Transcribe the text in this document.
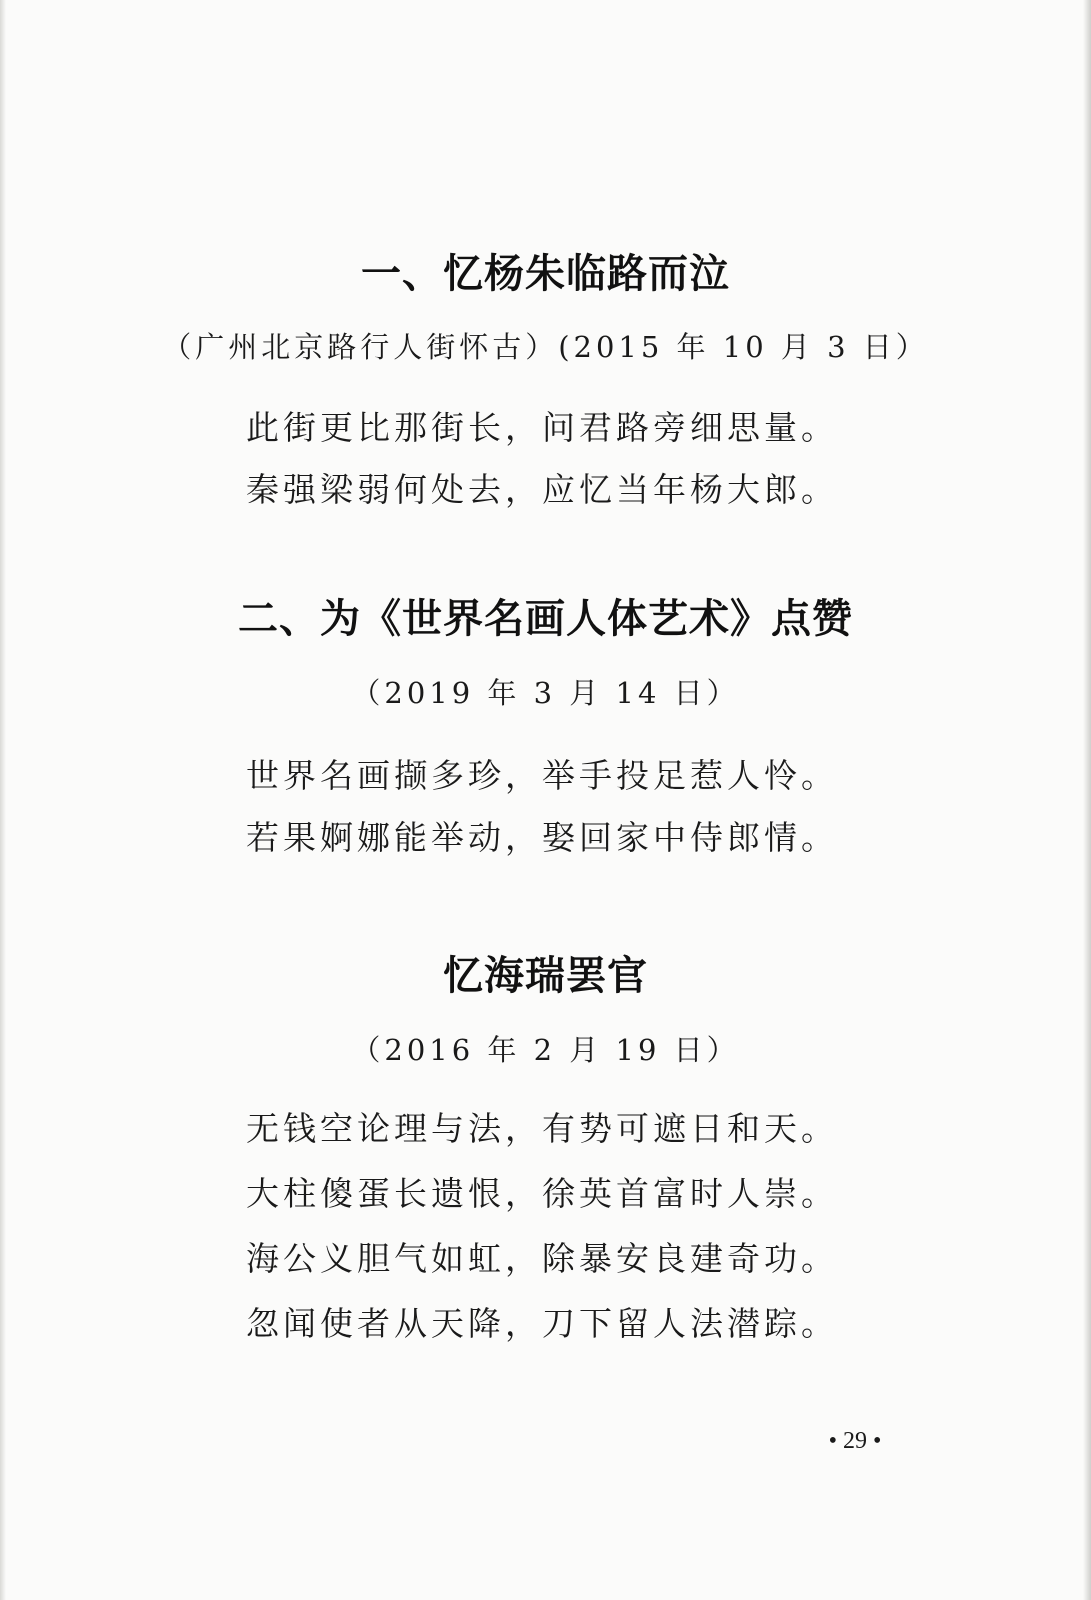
一、忆杨朱临路而泣
（广州北京路行人街怀古）(2015 年 10 月 3 日）
此街更比那街长，问君路旁细思量。
秦强梁弱何处去，应忆当年杨大郎。
二、为《世界名画人体艺术》点赞
（2019 年 3 月 14 日）
世界名画撷多珍，举手投足惹人怜。
若果婀娜能举动，娶回家中侍郎情。
忆海瑞罢官
（2016 年 2 月 19 日）
无钱空论理与法，有势可遮日和天。
大柱傻蛋长遗恨，徐英首富时人崇。
海公义胆气如虹，除暴安良建奇功。
忽闻使者从天降，刀下留人法潜踪。
• 29 •
